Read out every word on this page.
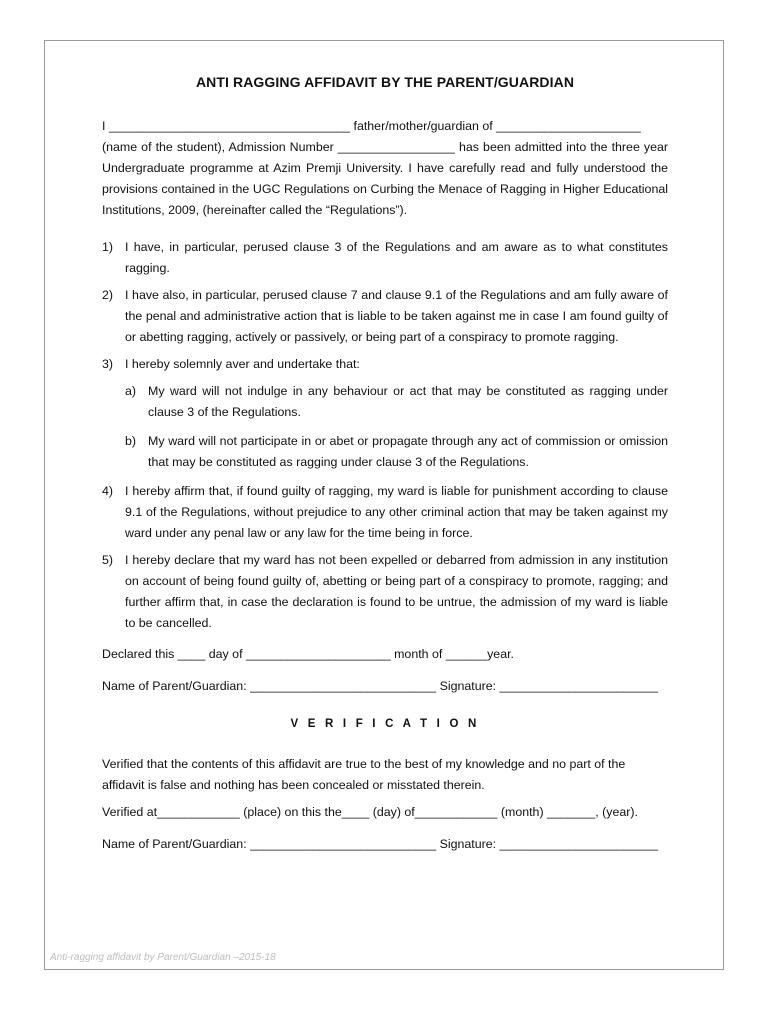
ANTI RAGGING AFFIDAVIT BY THE PARENT/GUARDIAN

I ___________________________________ father/mother/guardian of _____________________

(name of the student), Admission Number _________________ has been admitted into the three year Undergraduate programme at Azim Premji University. I have carefully read and fully understood the provisions contained in the UGC Regulations on Curbing the Menace of Ragging in Higher Educational Institutions, 2009, (hereinafter called the “Regulations”).

1) I have, in particular, perused clause 3 of the Regulations and am aware as to what constitutes ragging.
2) I have also, in particular, perused clause 7 and clause 9.1 of the Regulations and am fully aware of the penal and administrative action that is liable to be taken against me in case I am found guilty of or abetting ragging, actively or passively, or being part of a conspiracy to promote ragging.
3) I hereby solemnly aver and undertake that:
a) My ward will not indulge in any behaviour or act that may be constituted as ragging under clause 3 of the Regulations.
b) My ward will not participate in or abet or propagate through any act of commission or omission that may be constituted as ragging under clause 3 of the Regulations.
4) I hereby affirm that, if found guilty of ragging, my ward is liable for punishment according to clause 9.1 of the Regulations, without prejudice to any other criminal action that may be taken against my ward under any penal law or any law for the time being in force.
5) I hereby declare that my ward has not been expelled or debarred from admission in any institution on account of being found guilty of, abetting or being part of a conspiracy to promote, ragging; and further affirm that, in case the declaration is found to be untrue, the admission of my ward is liable to be cancelled.

Declared this ____ day of _____________________ month of ______year.

Name of Parent/Guardian: ___________________________ Signature: _______________________

V E R I F I C A T I O N

Verified that the contents of this affidavit are true to the best of my knowledge and no part of the affidavit is false and nothing has been concealed or misstated therein.

Verified at____________ (place) on this the____ (day) of____________ (month) _______, (year).

Name of Parent/Guardian: ___________________________ Signature: _______________________

Anti-ragging affidavit by Parent/Guardian –2015-18
